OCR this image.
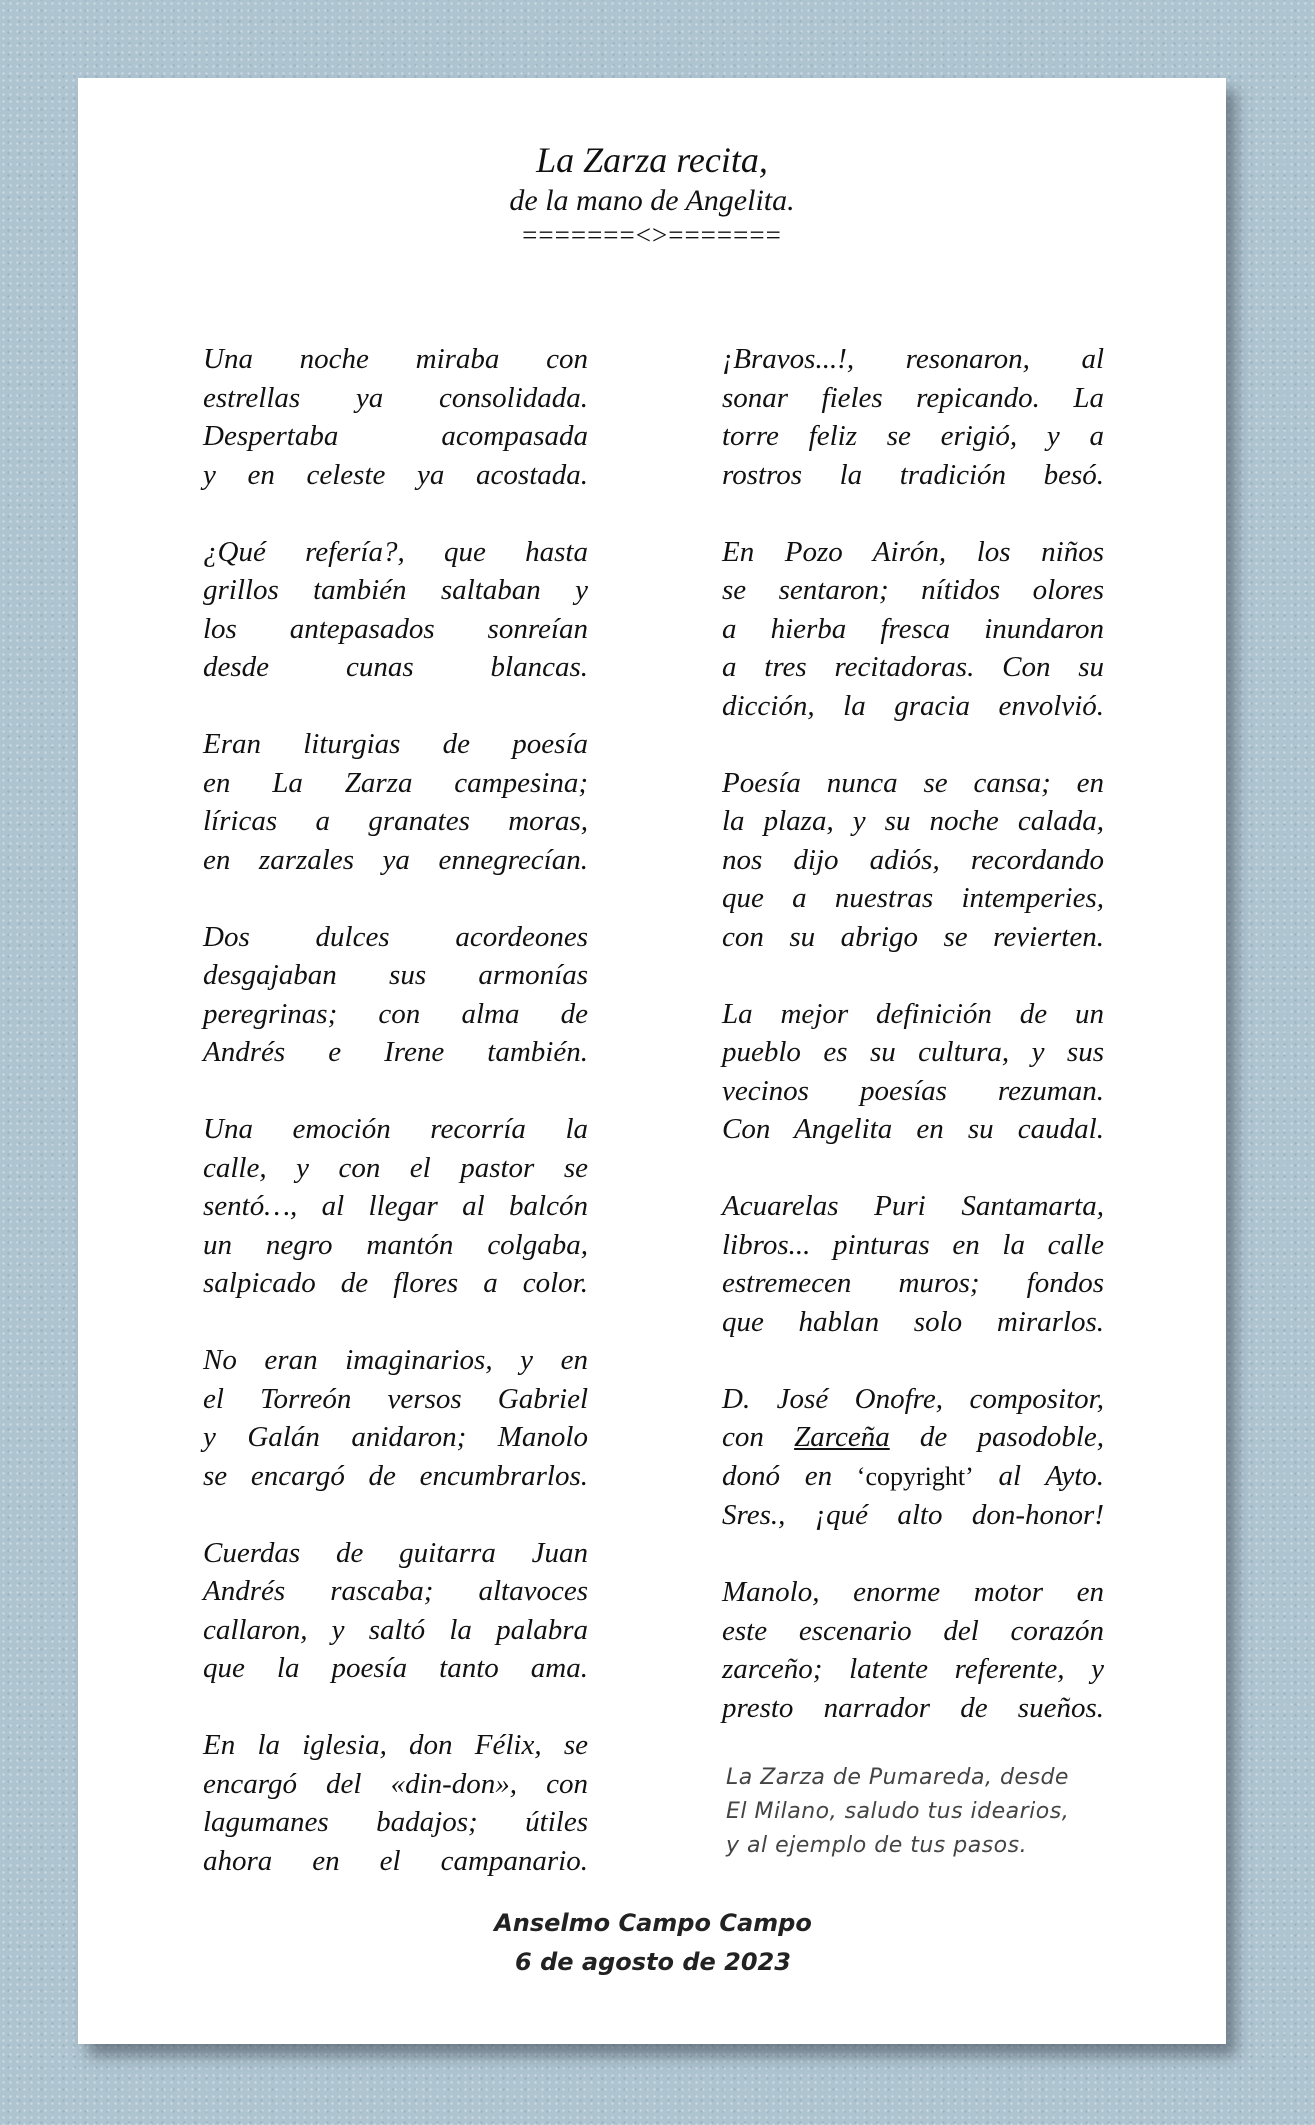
La Zarza recita,
de la mano de Angelita.
=======<>=======
Una noche miraba con
estrellas ya consolidada.
Despertaba acompasada
y en celeste ya acostada.
¿Qué refería?, que hasta
grillos también saltaban y
los antepasados sonreían
desde cunas blancas.
Eran liturgias de poesía
en La Zarza campesina;
líricas a granates moras,
en zarzales ya ennegrecían.
Dos dulces acordeones
desgajaban sus armonías
peregrinas; con alma de
Andrés e Irene también.
Una emoción recorría la
calle, y con el pastor se
sentó…, al llegar al balcón
un negro mantón colgaba,
salpicado de flores a color.
No eran imaginarios, y en
el Torreón versos Gabriel
y Galán anidaron; Manolo
se encargó de encumbrarlos.
Cuerdas de guitarra Juan
Andrés rascaba; altavoces
callaron, y saltó la palabra
que la poesía tanto ama.
En la iglesia, don Félix, se
encargó del «din-don», con
lagumanes badajos; útiles
ahora en el campanario.
¡Bravos...!, resonaron, al
sonar fieles repicando. La
torre feliz se erigió, y a
rostros la tradición besó.
En Pozo Airón, los niños
se sentaron; nítidos olores
a hierba fresca inundaron
a tres recitadoras. Con su
dicción, la gracia envolvió.
Poesía nunca se cansa; en
la plaza, y su noche calada,
nos dijo adiós, recordando
que a nuestras intemperies,
con su abrigo se revierten.
La mejor definición de un
pueblo es su cultura, y sus
vecinos poesías rezuman.
Con Angelita en su caudal.
Acuarelas Puri Santamarta,
libros... pinturas en la calle
estremecen muros; fondos
que hablan solo mirarlos.
D. José Onofre, compositor,
con Zarceña de pasodoble,
donó en ‘copyright’ al Ayto.
Sres., ¡qué alto don-honor!
Manolo, enorme motor en
este escenario del corazón
zarceño; latente referente, y
presto narrador de sueños.
La Zarza de Pumareda, desde
El Milano, saludo tus idearios,
y al ejemplo de tus pasos.
Anselmo Campo Campo
6 de agosto de 2023
